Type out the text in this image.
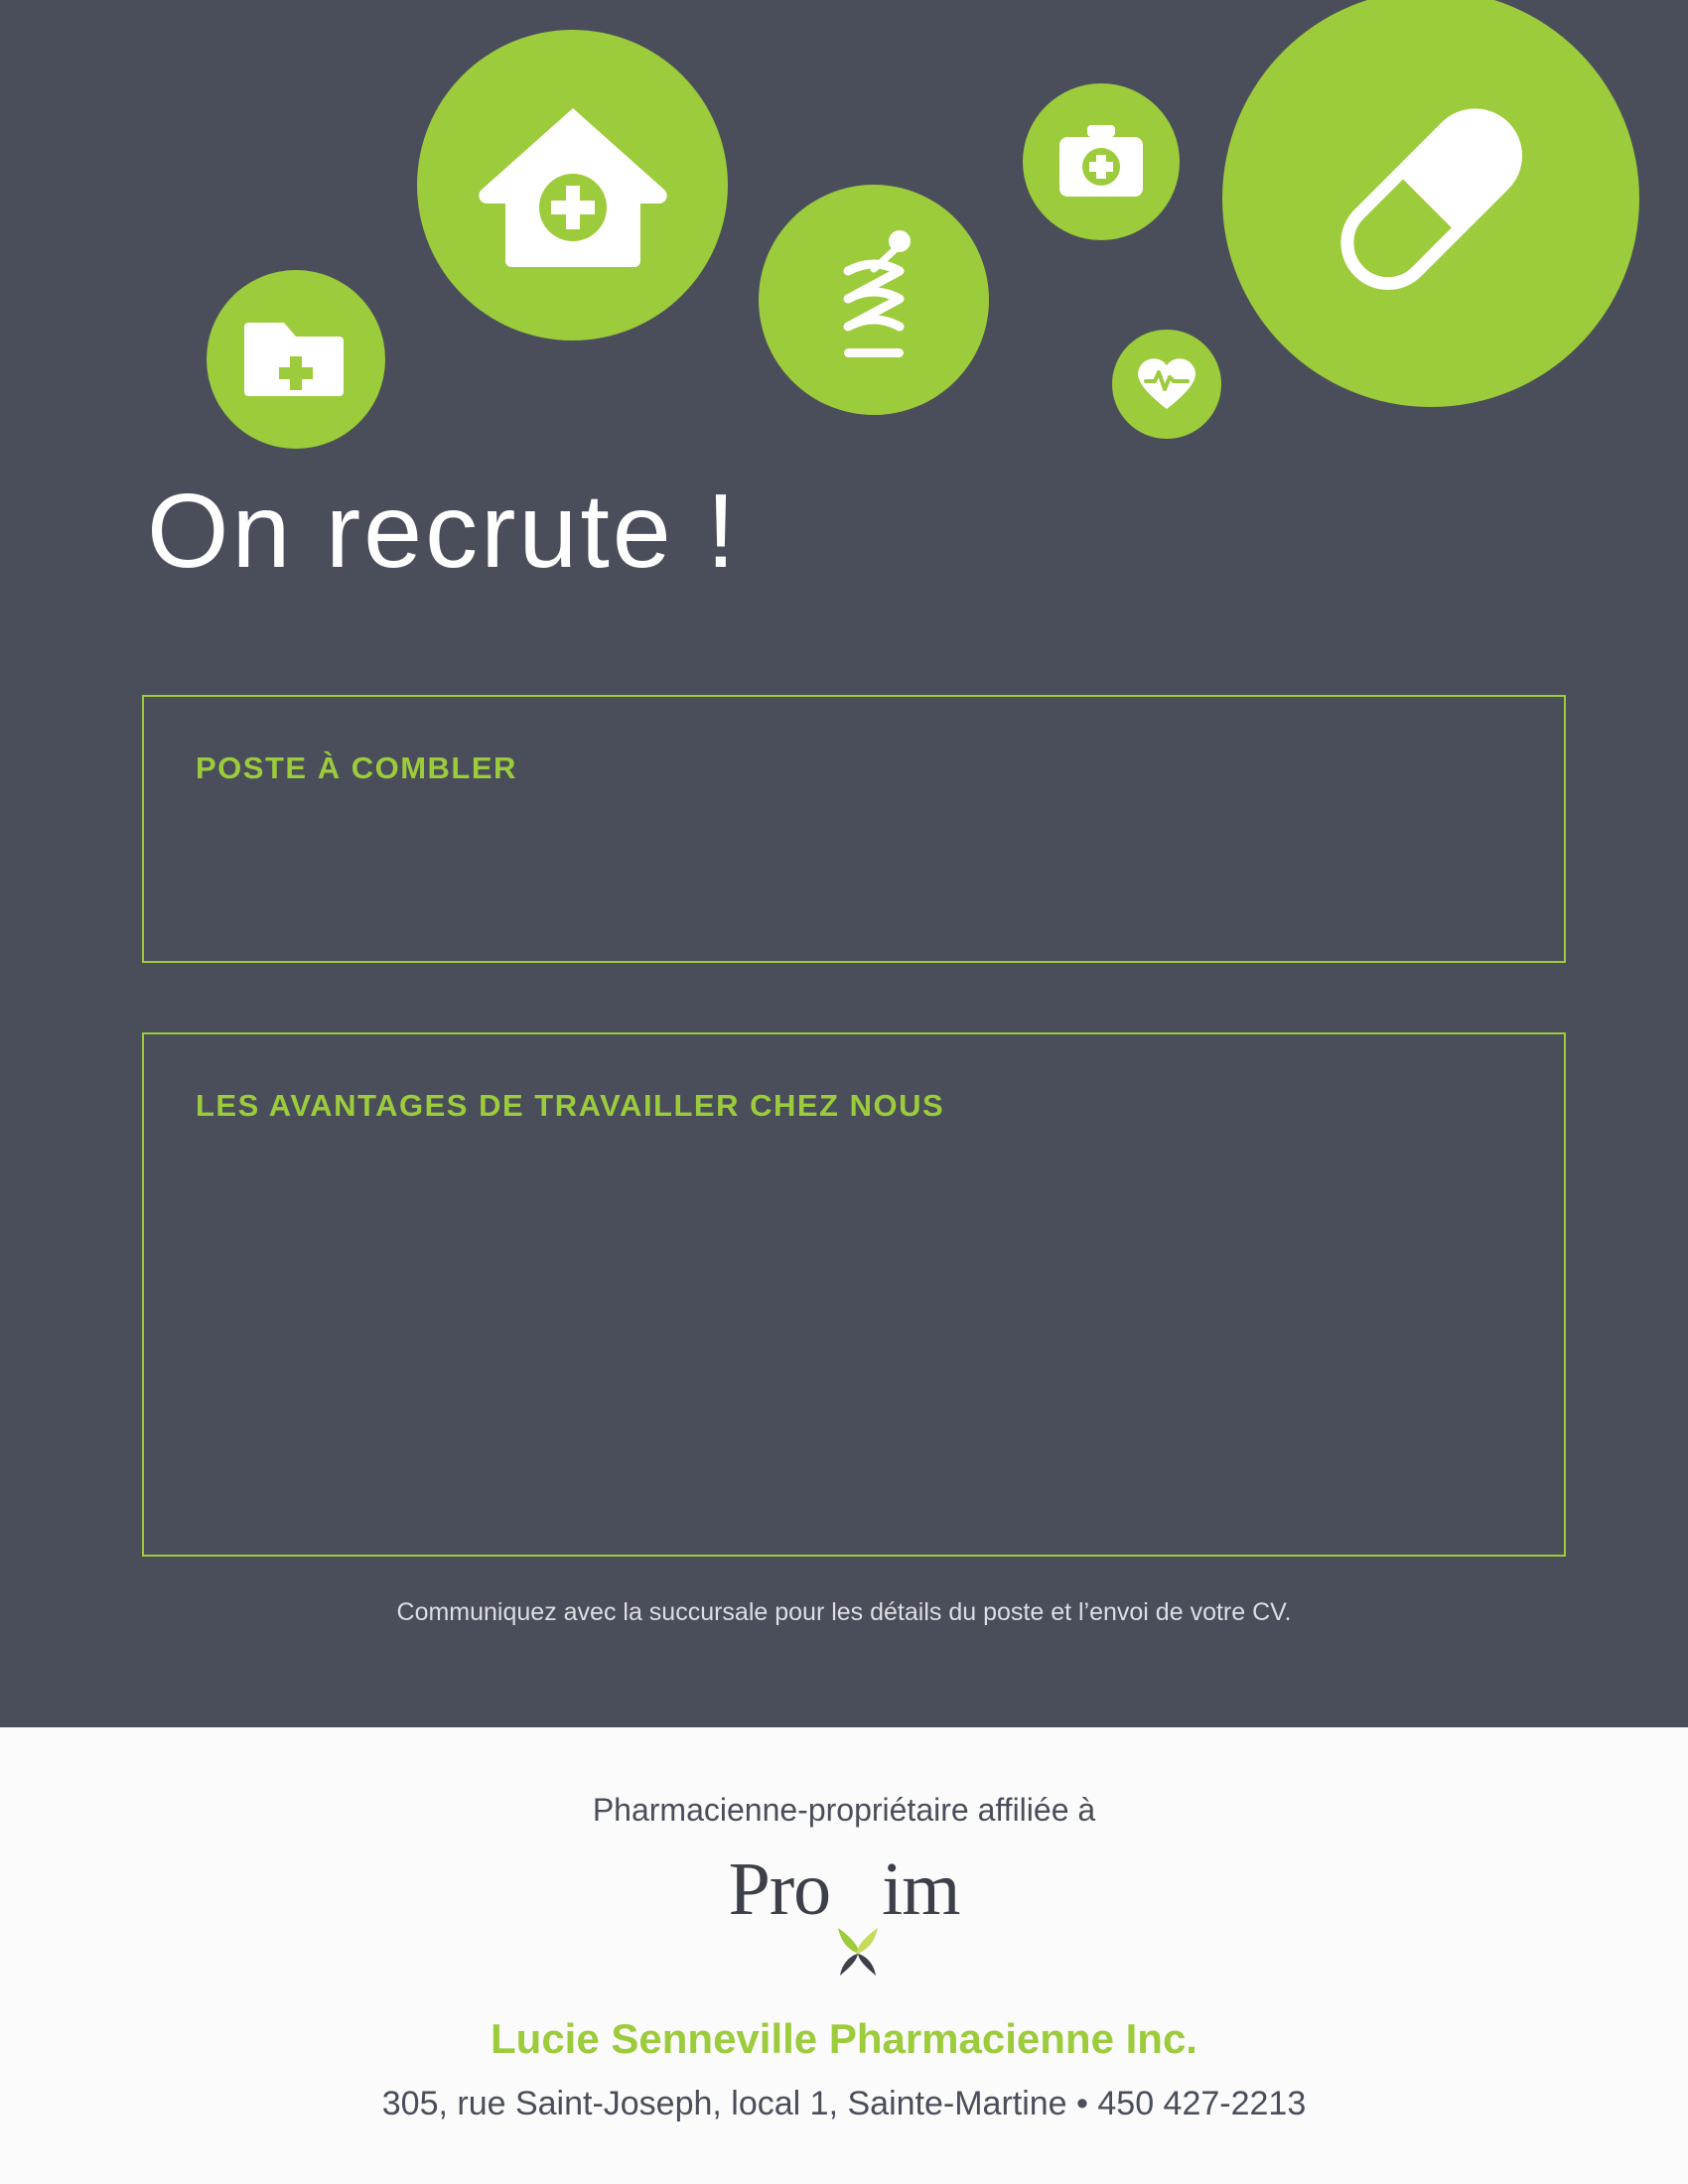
On recrute !
POSTE À COMBLER
LES AVANTAGES DE TRAVAILLER CHEZ NOUS
Communiquez avec la succursale pour les détails du poste et l’envoi de votre CV.
Pharmacienne-propriétaire affiliée à
Pro im
Lucie Senneville Pharmacienne Inc.
305, rue Saint-Joseph, local 1, Sainte-Martine • 450 427-2213
